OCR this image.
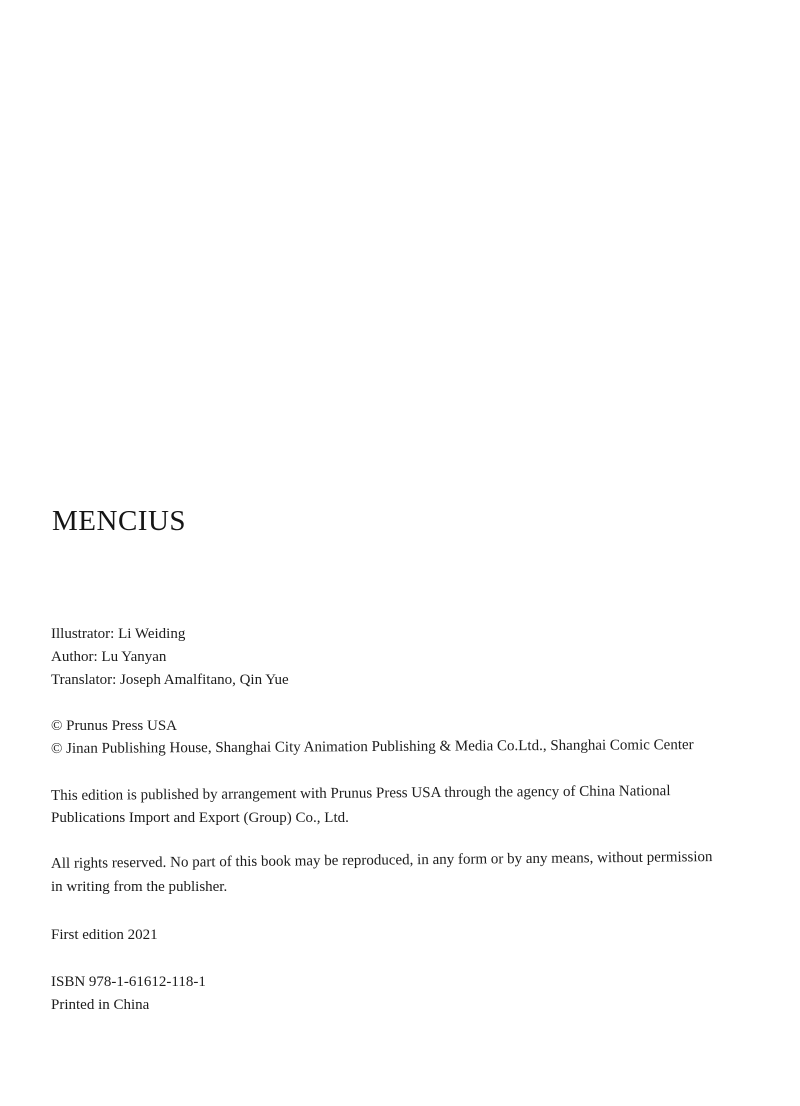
MENCIUS
Illustrator: Li Weiding
Author: Lu Yanyan
Translator: Joseph Amalfitano, Qin Yue
© Prunus Press USA
© Jinan Publishing House, Shanghai City Animation Publishing & Media Co.Ltd., Shanghai Comic Center
This edition is published by arrangement with Prunus Press USA through the agency of China National
Publications Import and Export (Group) Co., Ltd.
All rights reserved. No part of this book may be reproduced, in any form or by any means, without permission
in writing from the publisher.
First edition 2021
ISBN 978-1-61612-118-1
Printed in China
